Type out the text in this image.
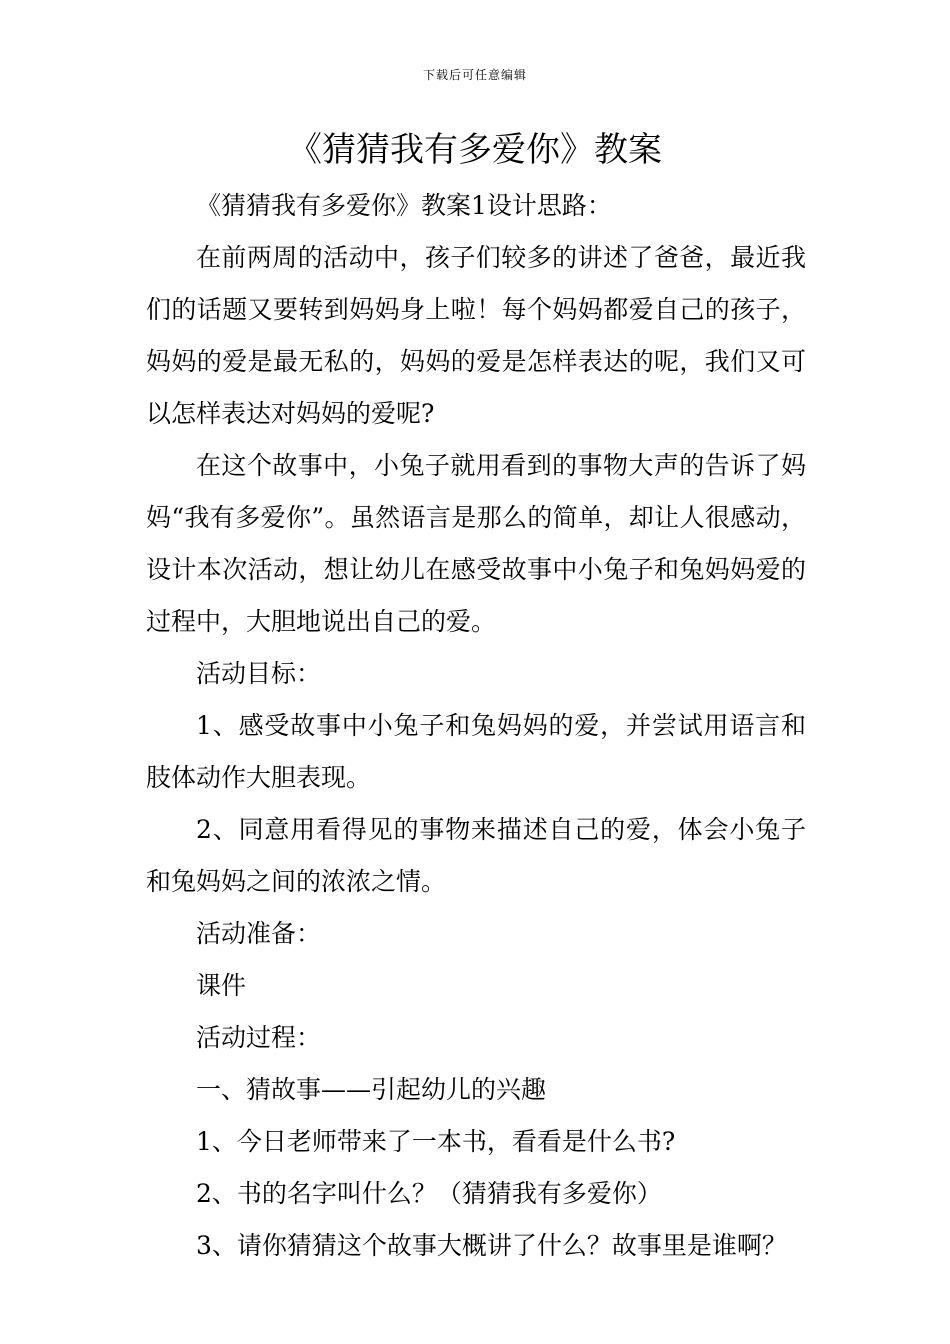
下载后可任意编辑
《猜猜我有多爱你》教案

《猜猜我有多爱你》教案1设计思路：

在前两周的活动中，孩子们较多的讲述了爸爸，最近我们的话题又要转到妈妈身上啦！每个妈妈都爱自己的孩子，妈妈的爱是最无私的，妈妈的爱是怎样表达的呢，我们又可以怎样表达对妈妈的爱呢?

在这个故事中，小兔子就用看到的事物大声的告诉了妈妈“我有多爱你”。虽然语言是那么的简单，却让人很感动，设计本次活动，想让幼儿在感受故事中小兔子和兔妈妈爱的过程中，大胆地说出自己的爱。

活动目标：

1、感受故事中小兔子和兔妈妈的爱，并尝试用语言和肢体动作大胆表现。

2、同意用看得见的事物来描述自己的爱，体会小兔子和兔妈妈之间的浓浓之情。

活动准备：

课件

活动过程：

一、猜故事——引起幼儿的兴趣

1、今日老师带来了一本书，看看是什么书?

2、书的名字叫什么？（猜猜我有多爱你）

3、请你猜猜这个故事大概讲了什么？故事里是谁啊？
